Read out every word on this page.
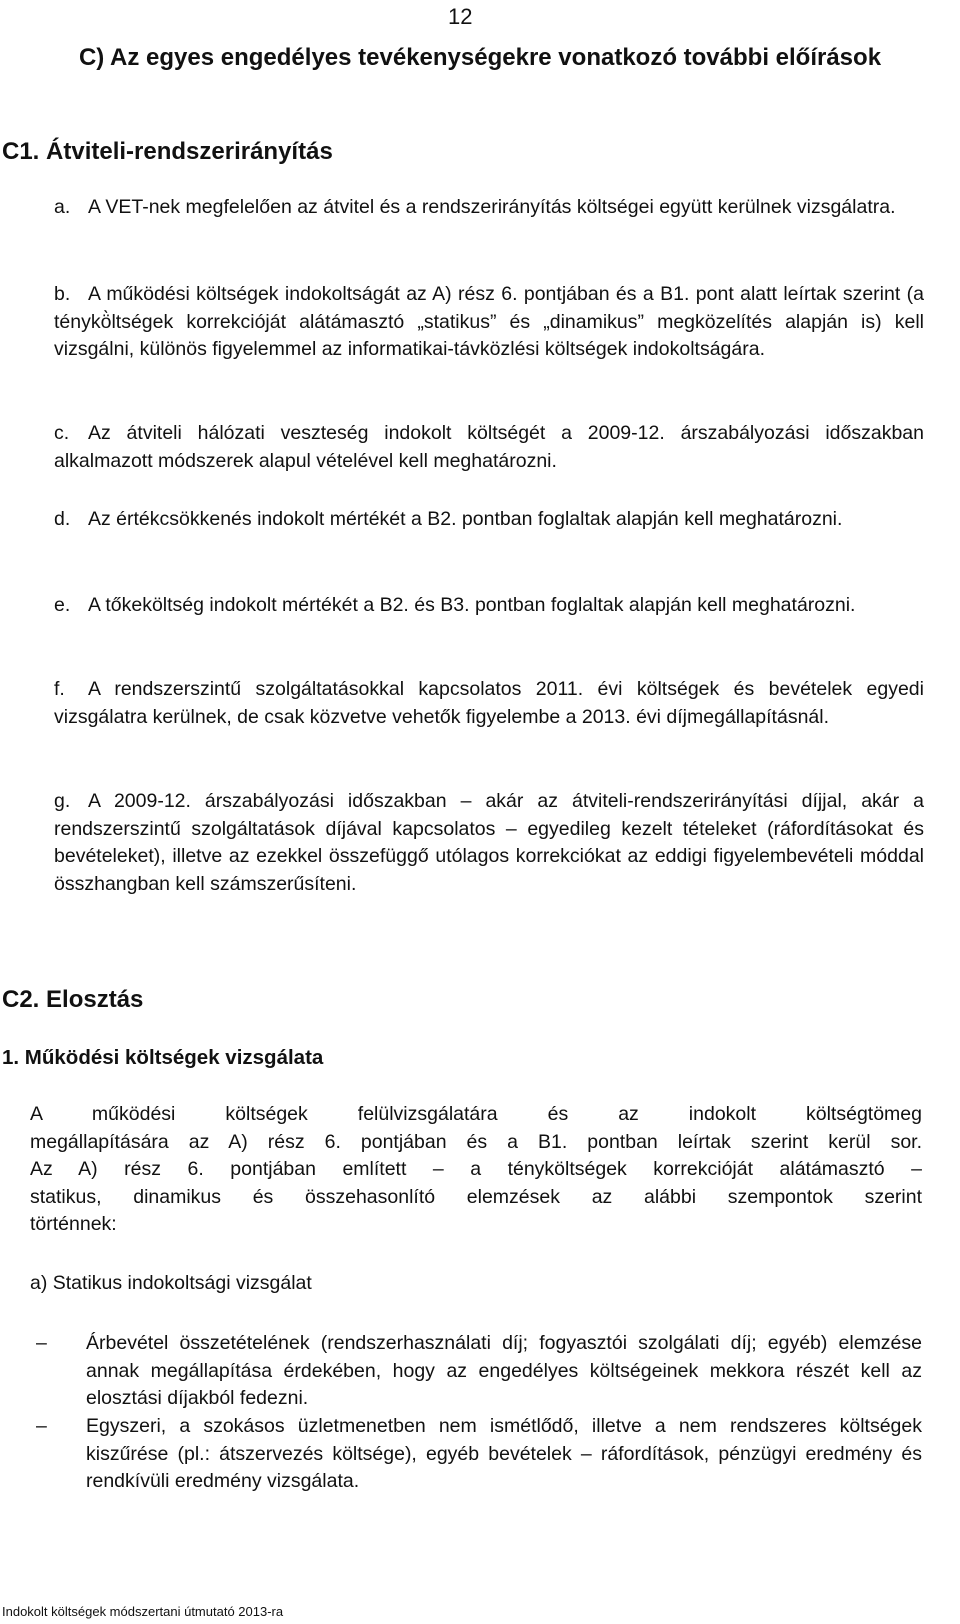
12
C) Az egyes engedélyes tevékenységekre vonatkozó további előírások
C1. Átviteli-rendszerirányítás
a. A VET-nek megfelelően az átvitel és a rendszerirányítás költségei együtt kerülnek vizsgálatra.
b. A működési költségek indokoltságát az A) rész 6. pontjában és a B1. pont alatt leírtak szerint (a ténykö̀ltségek korrekcióját alátámasztó „statikus” és „dinamikus” megközelítés alapján is) kell vizsgálni, különös figyelemmel az informatikai-távközlési költségek indokoltságára.
c. Az átviteli hálózati veszteség indokolt költségét a 2009-12. árszabályozási időszakban alkalmazott módszerek alapul vételével kell meghatározni.
d. Az értékcsökkenés indokolt mértékét a B2. pontban foglaltak alapján kell meghatározni.
e. A tőkeköltség indokolt mértékét a B2. és B3. pontban foglaltak alapján kell meghatározni.
f. A rendszerszintű szolgáltatásokkal kapcsolatos 2011. évi költségek és bevételek egyedi vizsgálatra kerülnek, de csak közvetve vehetők figyelembe a 2013. évi díjmegállapításnál.
g. A 2009-12. árszabályozási időszakban – akár az átviteli-rendszerirányítási díjjal, akár a rendszerszintű szolgáltatások díjával kapcsolatos – egyedileg kezelt tételeket (ráfordításokat és bevételeket), illetve az ezekkel összefüggő utólagos korrekciókat az eddigi figyelembevételi móddal összhangban kell számszerűsíteni.
C2. Elosztás
1. Működési költségek vizsgálata
A működési költségek felülvizsgálatára és az indokolt költségtömeg
megállapítására az A) rész 6. pontjában és a B1. pontban leírtak szerint kerül sor.
Az A) rész 6. pontjában említett – a tényköltségek korrekcióját alátámasztó –
statikus, dinamikus és összehasonlító elemzések az alábbi szempontok szerint
történnek:
a) Statikus indokoltsági vizsgálat
– Árbevétel összetételének (rendszerhasználati díj; fogyasztói szolgálati díj; egyéb) elemzése annak megállapítása érdekében, hogy az engedélyes költségeinek mekkora részét kell az elosztási díjakból fedezni.
– Egyszeri, a szokásos üzletmenetben nem ismétlődő, illetve a nem rendszeres költségek kiszűrése (pl.: átszervezés költsége), egyéb bevételek – ráfordítások, pénzügyi eredmény és rendkívüli eredmény vizsgálata.
Indokolt költségek módszertani útmutató 2013-ra
